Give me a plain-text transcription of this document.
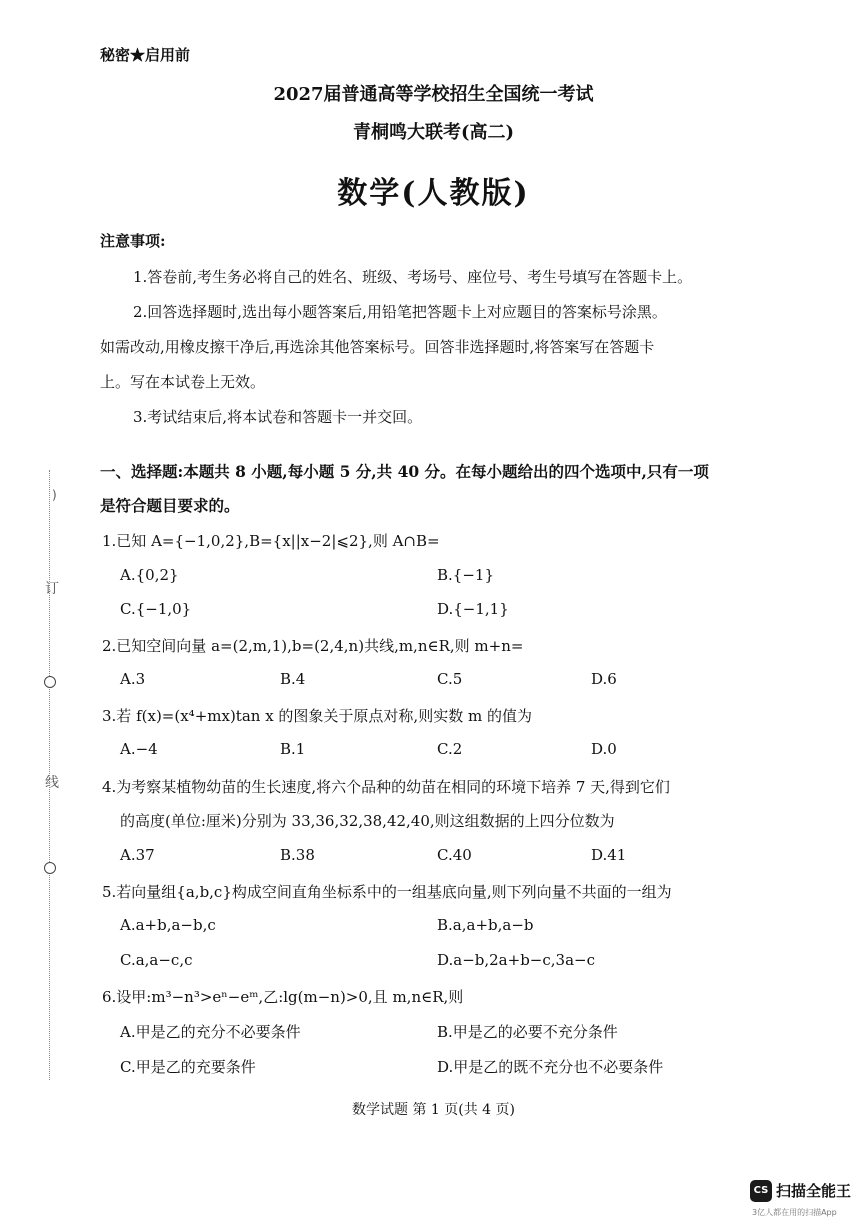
)
订
线
秘密★启用前
2027届普通高等学校招生全国统一考试
青桐鸣大联考(高二)
数学(人教版)
注意事项:
1.答卷前,考生务必将自己的姓名、班级、考场号、座位号、考生号填写在答题卡上。
2.回答选择题时,选出每小题答案后,用铅笔把答题卡上对应题目的答案标号涂黑。
如需改动,用橡皮擦干净后,再选涂其他答案标号。回答非选择题时,将答案写在答题卡
上。写在本试卷上无效。
3.考试结束后,将本试卷和答题卡一并交回。
一、选择题:本题共 8 小题,每小题 5 分,共 40 分。在每小题给出的四个选项中,只有一项
是符合题目要求的。
1.已知 A={−1,0,2},B={x||x−2|⩽2},则 A∩B=
A.{0,2}	B.{−1}
C.{−1,0}	D.{−1,1}
2.已知空间向量 a=(2,m,1),b=(2,4,n)共线,m,n∈R,则 m+n=
A.3	B.4	C.5	D.6
3.若 f(x)=(x⁴+mx)tan x 的图象关于原点对称,则实数 m 的值为
A.−4	B.1	C.2	D.0
4.为考察某植物幼苗的生长速度,将六个品种的幼苗在相同的环境下培养 7 天,得到它们
的高度(单位:厘米)分别为 33,36,32,38,42,40,则这组数据的上四分位数为
A.37	B.38	C.40	D.41
5.若向量组{a,b,c}构成空间直角坐标系中的一组基底向量,则下列向量不共面的一组为
A.a+b,a−b,c	B.a,a+b,a−b
C.a,a−c,c	D.a−b,2a+b−c,3a−c
6.设甲:m³−n³>eⁿ−eᵐ,乙:lg(m−n)>0,且 m,n∈R,则
A.甲是乙的充分不必要条件	B.甲是乙的必要不充分条件
C.甲是乙的充要条件	D.甲是乙的既不充分也不必要条件
数学试题 第 1 页(共 4 页)
CS 扫描全能王
3亿人都在用的扫描App
